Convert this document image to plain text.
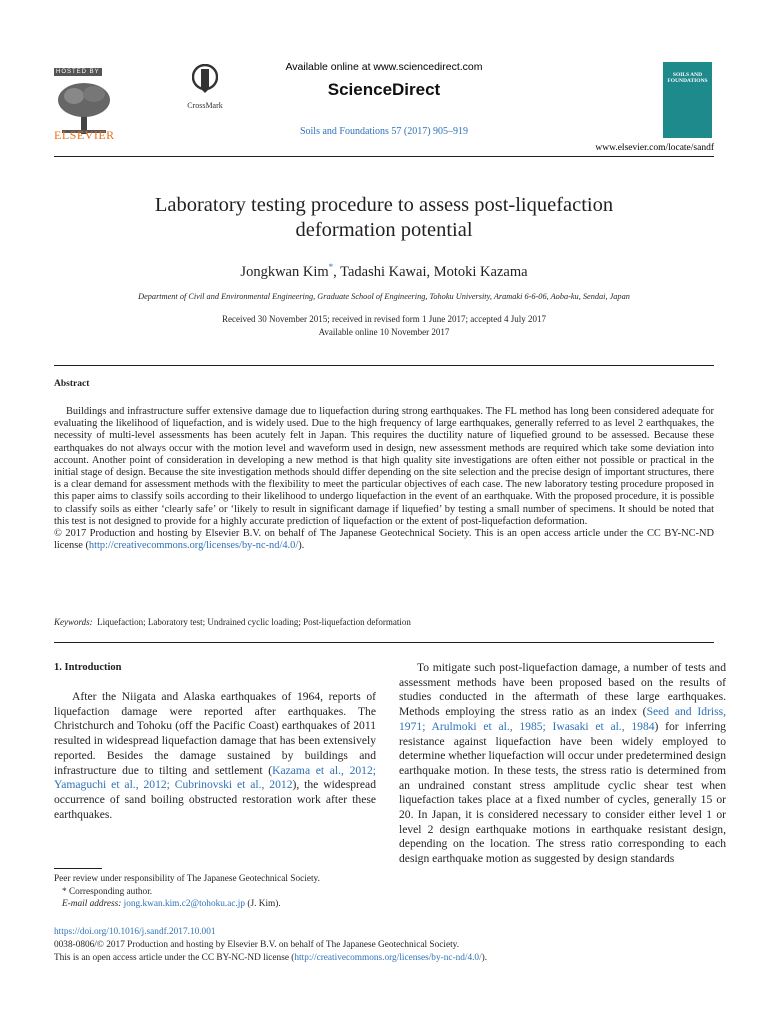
HOSTED BY
ELSEVIER
CrossMark
Available online at www.sciencedirect.com
ScienceDirect
Soils and Foundations 57 (2017) 905–919
SOILS AND FOUNDATIONS
www.elsevier.com/locate/sandf
Laboratory testing procedure to assess post-liquefaction
deformation potential
Jongkwan Kim*, Tadashi Kawai, Motoki Kazama
Department of Civil and Environmental Engineering, Graduate School of Engineering, Tohoku University, Aramaki 6-6-06, Aoba-ku, Sendai, Japan
Received 30 November 2015; received in revised form 1 June 2017; accepted 4 July 2017
Available online 10 November 2017
Abstract

Buildings and infrastructure suffer extensive damage due to liquefaction during strong earthquakes. The FL method has long been considered adequate for evaluating the likelihood of liquefaction, and is widely used. Due to the high frequency of large earthquakes, generally referred to as level 2 earthquakes, the necessity of multi-level assessments has been acutely felt in Japan. This requires the ductility nature of liquefied ground to be assessed. Because these earthquakes do not always occur with the motion level and waveform used in design, new assessment methods are required which take some deviation into account. Another point of consideration in developing a new method is that high quality site investigations are often either not possible or practical in the initial stage of design. Because the site investigation methods should differ depending on the site selection and the precise design of important structures, there is a clear demand for assessment methods with the flexibility to meet the particular objectives of each case. The new laboratory testing procedure proposed in this paper aims to classify soils according to their likelihood to undergo liquefaction in the event of an earthquake. With the proposed procedure, it is possible to classify soils as either ‘clearly safe’ or ‘likely to result in significant damage if liquefied’ by testing a small number of specimens. It should be noted that this test is not designed to provide for a highly accurate prediction of liquefaction or the extent of post-liquefaction deformation.

© 2017 Production and hosting by Elsevier B.V. on behalf of The Japanese Geotechnical Society. This is an open access article under the CC BY-NC-ND license (http://creativecommons.org/licenses/by-nc-nd/4.0/).

Keywords: Liquefaction; Laboratory test; Undrained cyclic loading; Post-liquefaction deformation
1. Introduction

After the Niigata and Alaska earthquakes of 1964, reports of liquefaction damage were reported after earthquakes. The Christchurch and Tohoku (off the Pacific Coast) earthquakes of 2011 resulted in widespread liquefaction damage that has been extensively reported. Besides the damage sustained by buildings and infrastructure due to tilting and settlement (Kazama et al., 2012; Yamaguchi et al., 2012; Cubrinovski et al., 2012), the widespread occurrence of sand boiling obstructed restoration work after these earthquakes.

To mitigate such post-liquefaction damage, a number of tests and assessment methods have been proposed based on the results of studies conducted in the aftermath of these large earthquakes. Methods employing the stress ratio as an index (Seed and Idriss, 1971; Arulmoki et al., 1985; Iwasaki et al., 1984) for inferring resistance against liquefaction have been widely employed to determine whether liquefaction will occur under predetermined design earthquake motion. In these tests, the stress ratio is determined from an undrained constant stress amplitude cyclic shear test when liquefaction takes place at a fixed number of cycles, generally 15 or 20. In Japan, it is considered necessary to consider either level 1 or level 2 design earthquake motions in earthquake resistant design, depending on the location. The stress ratio corresponding to each design earthquake motion as suggested by design standards

Peer review under responsibility of The Japanese Geotechnical Society.
* Corresponding author.
E-mail address: jong.kwan.kim.c2@tohoku.ac.jp (J. Kim).
https://doi.org/10.1016/j.sandf.2017.10.001
0038-0806/© 2017 Production and hosting by Elsevier B.V. on behalf of The Japanese Geotechnical Society.
This is an open access article under the CC BY-NC-ND license (http://creativecommons.org/licenses/by-nc-nd/4.0/).
